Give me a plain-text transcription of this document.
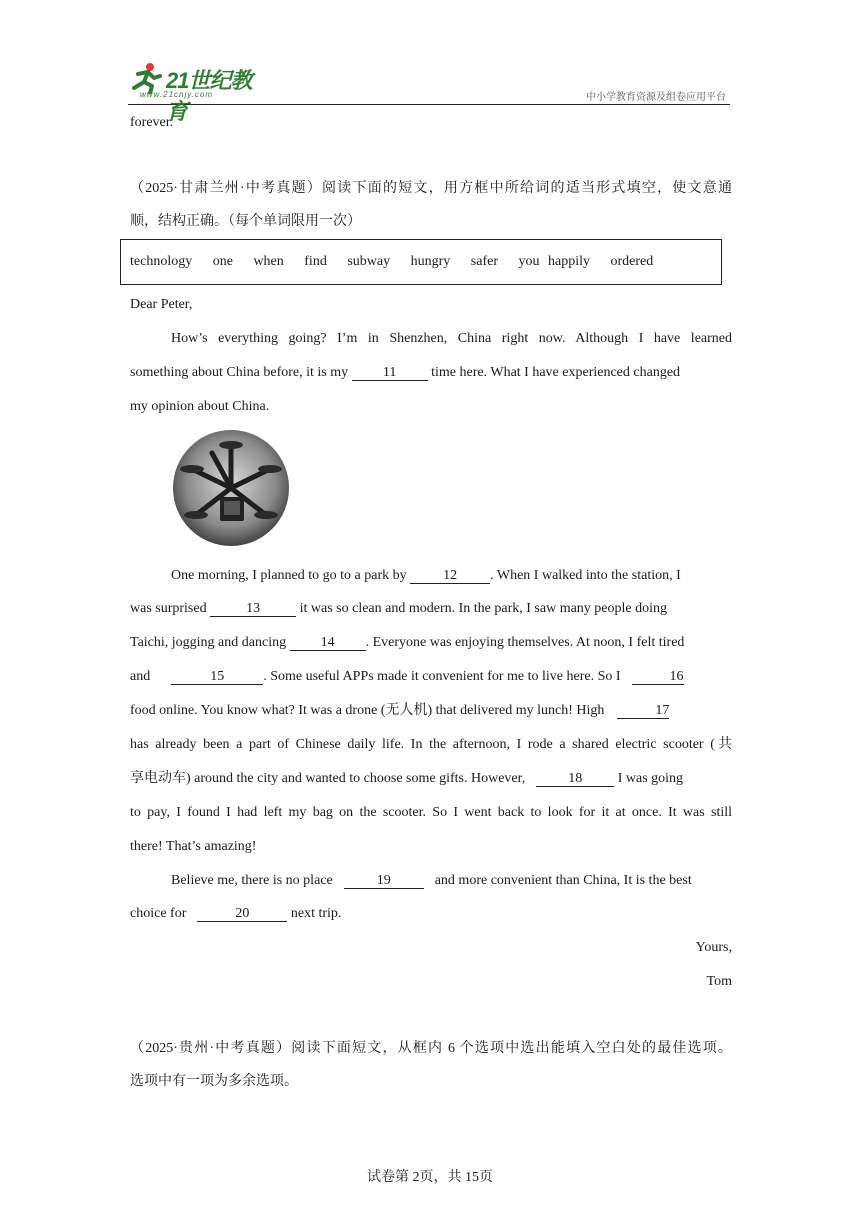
21世纪教育
www.21cnjy.com	中小学教育资源及组卷应用平台
forever.
（2025·甘肃兰州·中考真题）阅读下面的短文，用方框中所给词的适当形式填空，使文意通
顺，结构正确。（每个单词限用一次）
technology one when find subway hungry safer you happily ordered
Dear Peter,
How’s everything going? I’m in Shenzhen, China right now. Although I have learned
something about China before, it is my 11 time here. What I have experienced changed
my opinion about China.
One morning, I planned to go to a park by	12 . When I walked into the station, I
was surprised	13	it was so clean and modern. In the park, I saw many people doing
Taichi, jogging and dancing 14 . Everyone was enjoying themselves. At noon, I felt tired
and	15	. Some useful APPs made it convenient for me to live here. So I	16
food online. You know what? It was a drone (无人机) that delivered my lunch! High	17
has already been a part of Chinese daily life. In the afternoon, I rode a shared electric scooter (共
享电动车) around the city and wanted to choose some gifts. However,	18	I was going
to pay, I found I had left my bag on the scooter. So I went back to look for it at once. It was still
there! That’s amazing!
Believe me, there is no place	19	and more convenient than China, It is the best
choice for	20	next trip.
Yours,
Tom
（2025·贵州·中考真题）阅读下面短文，从框内 6 个选项中选出能填入空白处的最佳选项。
选项中有一项为多余选项。
试卷第 2页，共 15页
